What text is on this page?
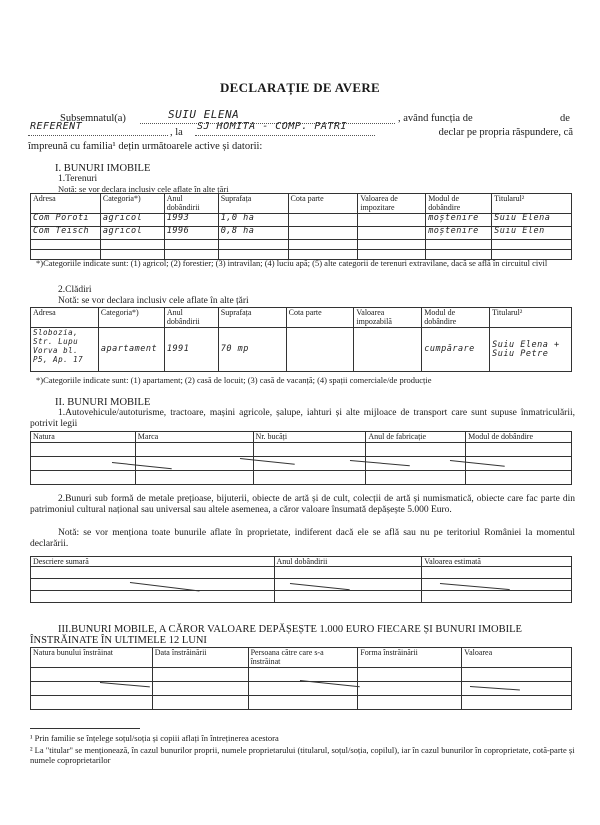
DECLARAȚIE DE AVERE
Subsemnatul(a)	SUIU ELENA	, având funcția de	de
REFERENT
, la
SJ HOMITA - COMP. PATRI
declar pe propria răspundere, că
împreună cu familia¹ dețin următoarele active și datorii:
I. BUNURI IMOBILE
1.Terenuri
Notă: se vor declara inclusiv cele aflate în alte țări
Adresa	Categoria*)	Anul dobândirii	Suprafața	Cota parte	Valoarea de impozitare	Modul de dobândire	Titularul²
Com Poroti	agricol	1993	1,0 ha			moștenire	Suiu Elena
Com Teisch	agricol	1996	0,8 ha			moștenire	Suiu Elen

*)Categoriile indicate sunt: (1) agricol; (2) forestier; (3) intravilan; (4) luciu apă; (5) alte categorii de terenuri extravilane, dacă se află în circuitul civil
2.Clădiri
Notă: se vor declara inclusiv cele aflate în alte țări
Adresa	Categoria*)	Anul dobândirii	Suprafața	Cota parte	Valoarea impozabilă	Modul de dobândire	Titularul²
Slobozia, Str. Lupu Vorva bl. P5, Ap. 17	apartament	1991	70 mp			cumpărare	Suiu Elena + Suiu Petre
*)Categoriile indicate sunt: (1) apartament; (2) casă de locuit; (3) casă de vacanță; (4) spații comerciale/de producție
II. BUNURI MOBILE
1.Autovehicule/autoturisme, tractoare, mașini agricole, șalupe, iahturi și alte mijloace de transport care sunt supuse înmatriculării, potrivit legii
Natura	Marca	Nr. bucăți	Anul de fabricație	Modul de dobândire

2.Bunuri sub formă de metale prețioase, bijuterii, obiecte de artă și de cult, colecții de artă și numismatică, obiecte care fac parte din patrimoniul cultural național sau universal sau altele asemenea, a căror valoare însumată depășește 5.000 Euro.
Notă: se vor menționa toate bunurile aflate în proprietate, indiferent dacă ele se află sau nu pe teritoriul României la momentul declarării.
Descriere sumară	Anul dobândirii	Valoarea estimată

III.BUNURI MOBILE, A CĂROR VALOARE DEPĂȘEȘTE 1.000 EURO FIECARE ȘI BUNURI IMOBILE ÎNSTRĂINATE ÎN ULTIMELE 12 LUNI
Natura bunului înstrăinat	Data înstrăinării	Persoana către care s-a înstrăinat	Forma înstrăinării	Valoarea

¹ Prin familie se înțelege soțul/soția și copiii aflați în întreținerea acestora
² La "titular" se menționează, în cazul bunurilor proprii, numele proprietarului (titularul, soțul/soția, copilul), iar în cazul bunurilor în coproprietate, cotă-parte și numele coproprietarilor
